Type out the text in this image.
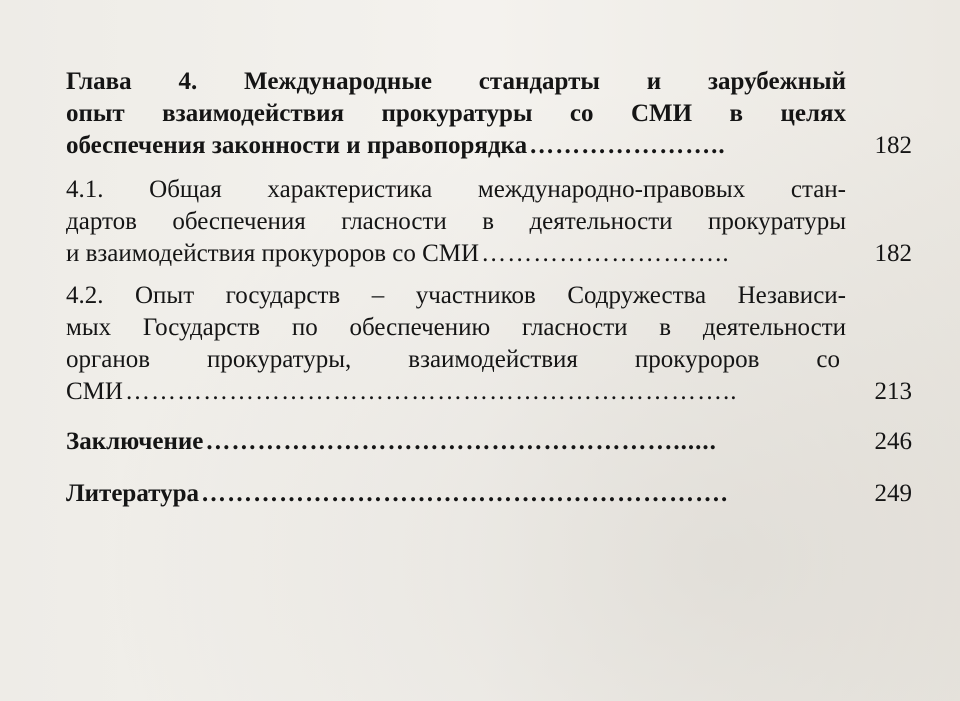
Глава 4. Международные стандарты и зарубежный
опыт взаимодействия прокуратуры со СМИ в целях
обеспечения законности и правопорядка …………………..	182
4.1. Общая характеристика международно-правовых стан-
дартов обеспечения гласности в деятельности прокуратуры
и взаимодействия прокуроров со СМИ ………………………..	182
4.2. Опыт государств – участников Содружества Независи-
мых Государств по обеспечению гласности в деятельности
органов прокуратуры, взаимодействия прокуроров со
СМИ ……………………………………………………………..	213
Заключение ………………………………………………......	246
Литература …………………………………………………….	249
